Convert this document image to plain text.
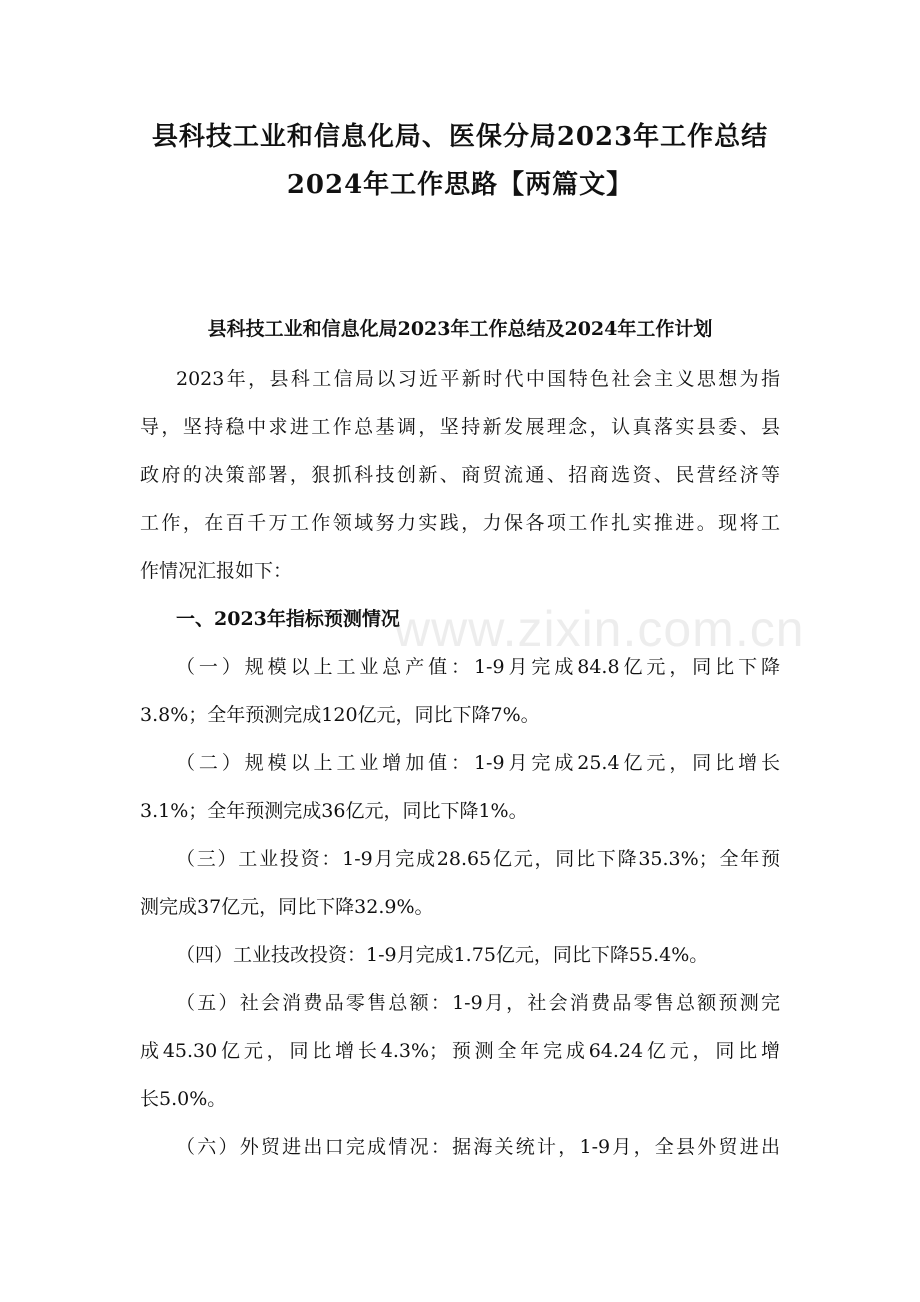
县科技工业和信息化局、医保分局2023年工作总结
2024年工作思路【两篇文】
县科技工业和信息化局2023年工作总结及2024年工作计划
2023年，县科工信局以习近平新时代中国特色社会主义思想为指
导，坚持稳中求进工作总基调，坚持新发展理念，认真落实县委、县
政府的决策部署，狠抓科技创新、商贸流通、招商选资、民营经济等
工作，在百千万工作领域努力实践，力保各项工作扎实推进。现将工
作情况汇报如下：
一、2023年指标预测情况
（一）规模以上工业总产值：1-9月完成84.8亿元，同比下降
3.8%；全年预测完成120亿元，同比下降7%。
（二）规模以上工业增加值：1-9月完成25.4亿元，同比增长
3.1%；全年预测完成36亿元，同比下降1%。
（三）工业投资：1-9月完成28.65亿元，同比下降35.3%；全年预
测完成37亿元，同比下降32.9%。
（四）工业技改投资：1-9月完成1.75亿元，同比下降55.4%。
（五）社会消费品零售总额：1-9月，社会消费品零售总额预测完
成45.30亿元，同比增长4.3%；预测全年完成64.24亿元，同比增
长5.0%。
（六）外贸进出口完成情况：据海关统计，1-9月，全县外贸进出
www.zixin.com.cn
